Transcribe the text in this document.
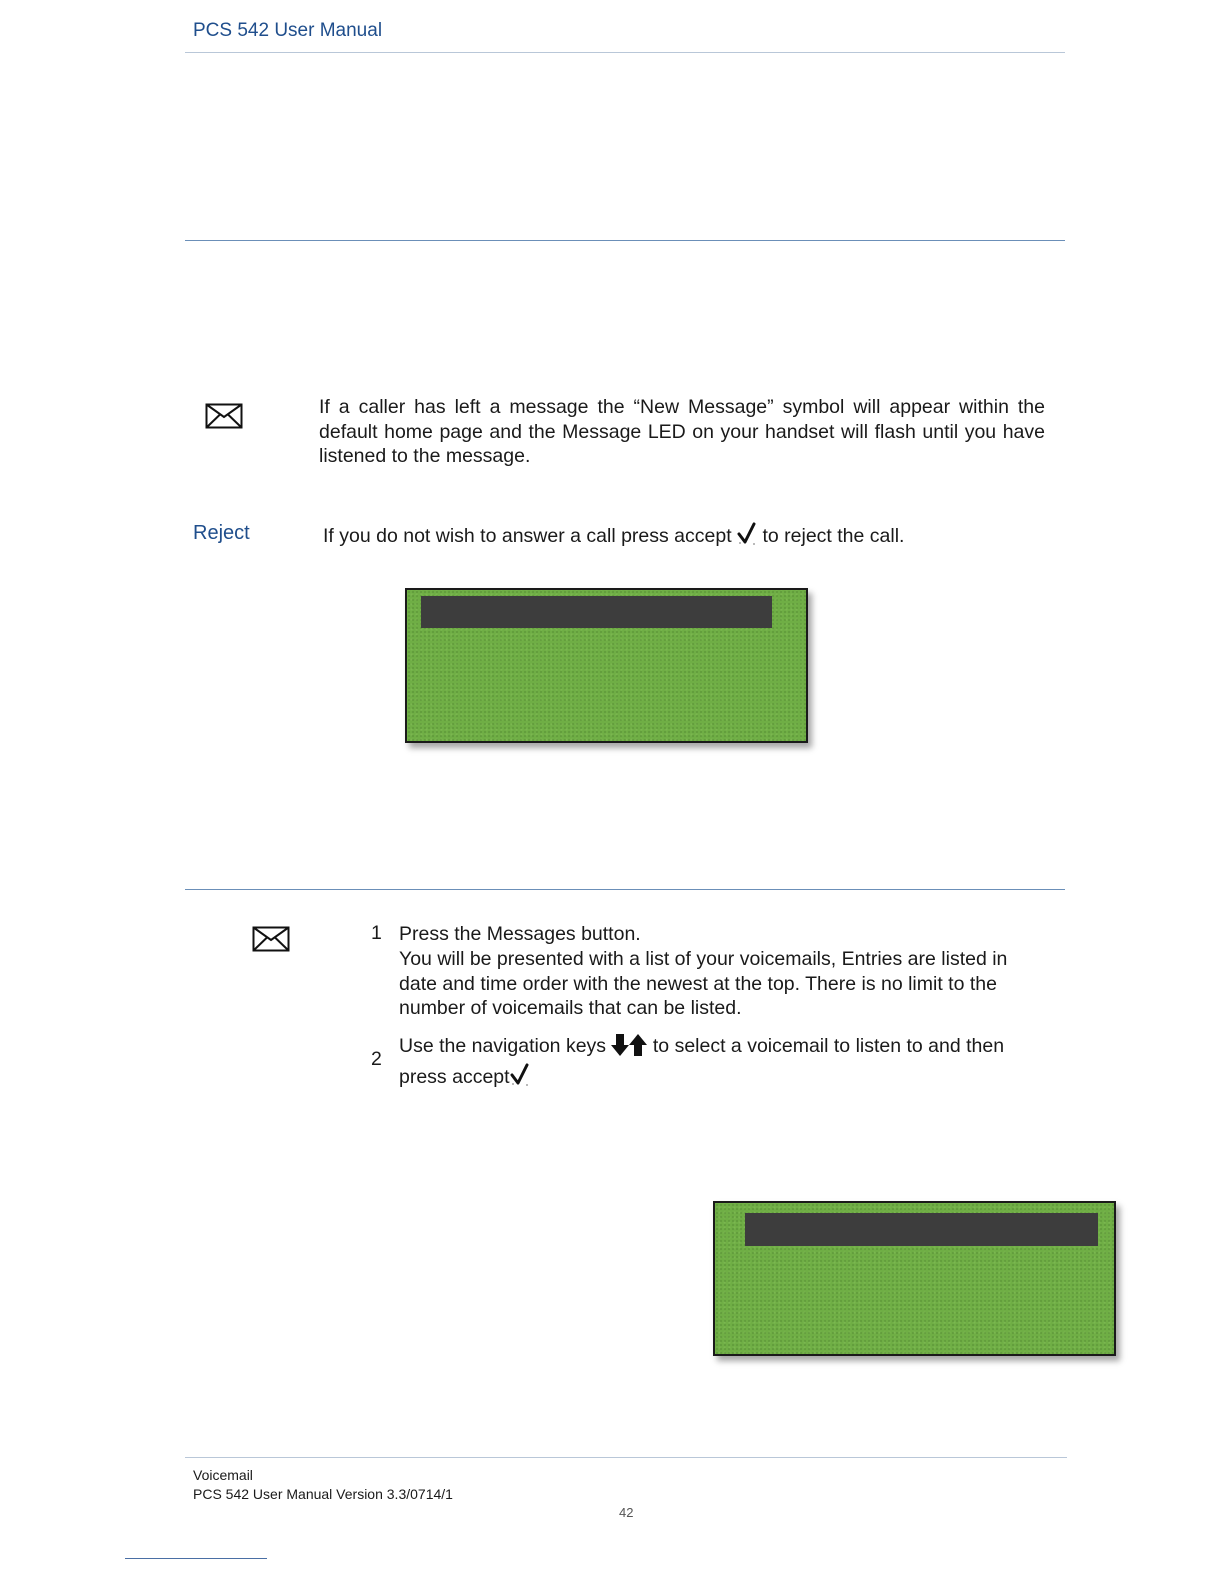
PCS 542 User Manual
If a caller has left a message the “New Message” symbol will appear within the default home page and the Message LED on your handset will flash until you have listened to the message.
Reject	If you do not wish to answer a call press accept to reject the call.
1 Press the Messages button.
You will be presented with a list of your voicemails, Entries are listed in date and time order with the newest at the top. There is no limit to the number of voicemails that can be listed.
2
Use the navigation keys to select a voicemail to listen to and then press accept
Voicemail
PCS 542 User Manual Version 3.3/0714/1
42
